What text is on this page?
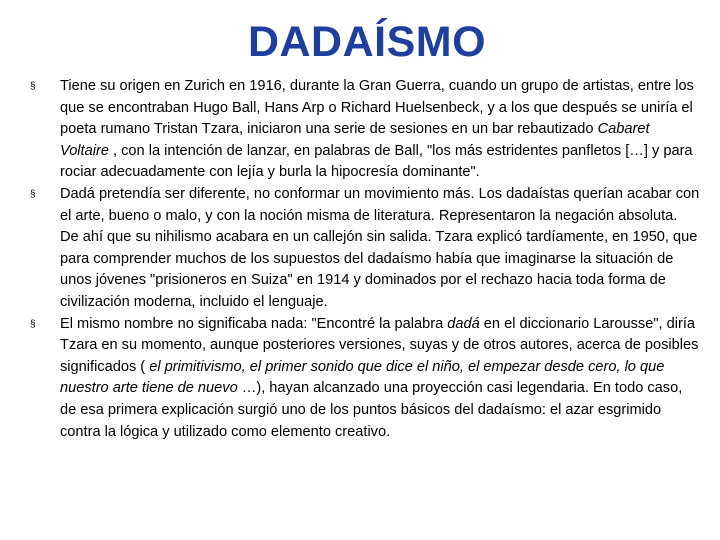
DADAÍSMO
§	Tiene su origen en Zurich en 1916, durante la Gran Guerra, cuando un grupo de artistas, entre los que se encontraban Hugo Ball, Hans Arp o Richard Huelsenbeck, y a los que después se uniría el poeta rumano Tristan Tzara, iniciaron una serie de sesiones en un bar rebautizado Cabaret Voltaire , con la intención de lanzar, en palabras de Ball, "los más estridentes panfletos […] y para rociar adecuadamente con lejía y burla la hipocresía dominante".
§	Dadá pretendía ser diferente, no conformar un movimiento más. Los dadaístas querían acabar con el arte, bueno o malo, y con la noción misma de literatura. Representaron la negación absoluta. De ahí que su nihilismo acabara en un callejón sin salida. Tzara explicó tardíamente, en 1950, que para comprender muchos de los supuestos del dadaísmo había que imaginarse la situación de unos jóvenes "prisioneros en Suiza" en 1914 y dominados por el rechazo hacia toda forma de civilización moderna, incluido el lenguaje.
§	El mismo nombre no significaba nada: "Encontré la palabra dadá en el diccionario Larousse", diría Tzara en su momento, aunque posteriores versiones, suyas y de otros autores, acerca de posibles significados ( el primitivismo, el primer sonido que dice el niño, el empezar desde cero, lo que nuestro arte tiene de nuevo …), hayan alcanzado una proyección casi legendaria. En todo caso, de esa primera explicación surgió uno de los puntos básicos del dadaísmo: el azar esgrimido contra la lógica y utilizado como elemento creativo.
